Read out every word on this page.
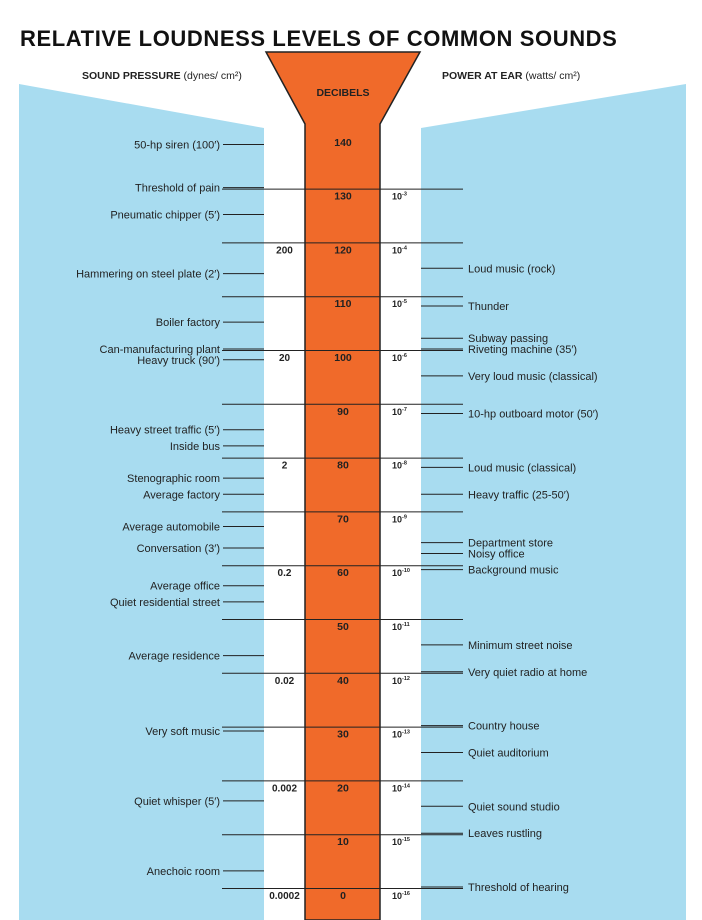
RELATIVE LOUDNESS LEVELS OF COMMON SOUNDS
SOUND PRESSURE (dynes/ cm²)
DECIBELS
POWER AT EAR (watts/ cm²)
140
130
120
110
100
90
80
70
60
50
40
30
20
10
0
200
20
2
0.2
0.02
0.002
0.0002
$10^{-3}$
$10^{-4}$
$10^{-5}$
$10^{-6}$
$10^{-7}$
$10^{-8}$
$10^{-9}$
$10^{-10}$
$10^{-11}$
$10^{-12}$
$10^{-13}$
$10^{-14}$
$10^{-15}$
$10^{-16}$
50-hp siren (100′)
Threshold of pain
Pneumatic chipper (5′)
Hammering on steel plate (2′)
Boiler factory
Can-manufacturing plant
Heavy truck (90′)
Heavy street traffic (5′)
Inside bus
Stenographic room
Average factory
Average automobile
Conversation (3′)
Average office
Quiet residential street
Average residence
Very soft music
Quiet whisper (5′)
Anechoic room
Loud music (rock)
Thunder
Subway passing
Riveting machine (35′)
Very loud music (classical)
10-hp outboard motor (50′)
Loud music (classical)
Heavy traffic (25-50′)
Department store
Noisy office
Background music
Minimum street noise
Very quiet radio at home
Country house
Quiet auditorium
Quiet sound studio
Leaves rustling
Threshold of hearing
